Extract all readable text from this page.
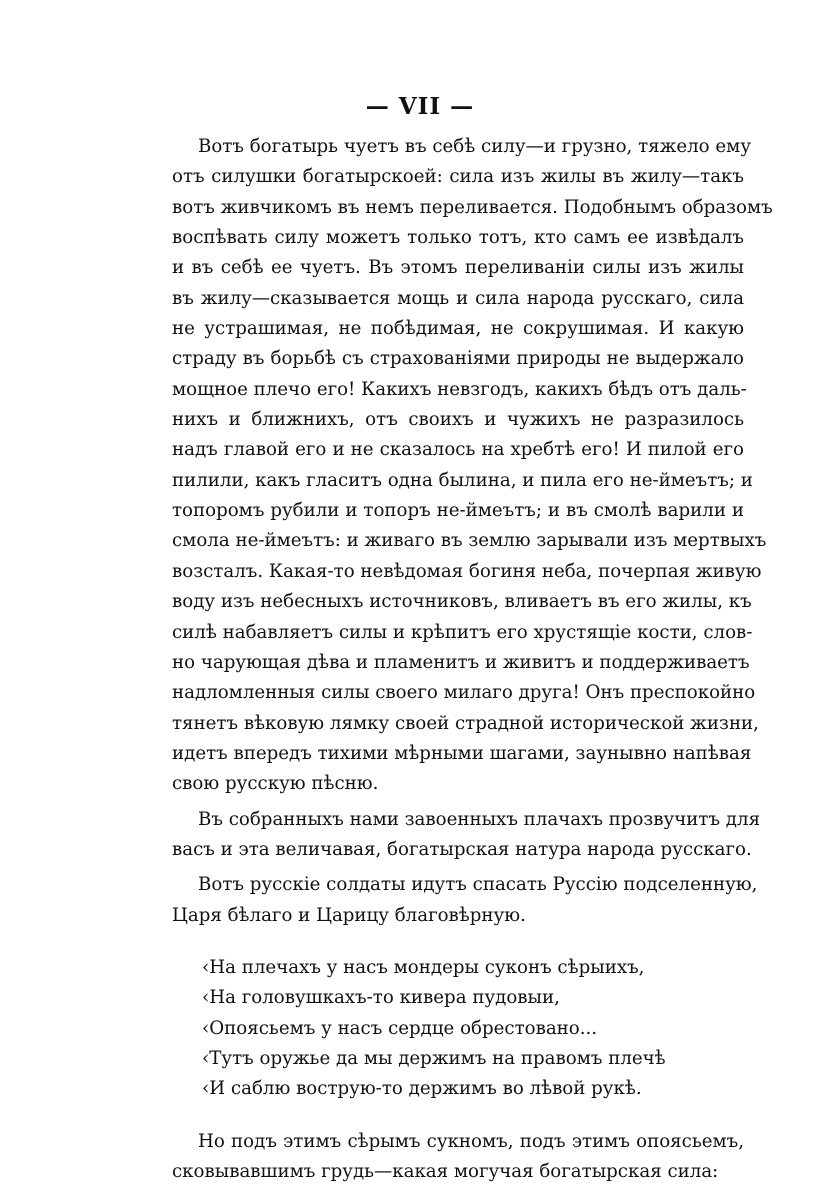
— VII —

Вотъ богатырь чуетъ въ себѣ силу—и грузно, тяжело ему
отъ силушки богатырскоей: сила изъ жилы въ жилу—такъ
вотъ живчикомъ въ немъ переливается. Подобнымъ образомъ
воспѣвать силу можетъ только тотъ, кто самъ ее извѣдалъ
и въ себѣ ее чуетъ. Въ этомъ переливаніи силы изъ жилы
въ жилу—сказывается мощь и сила народа русскаго, сила
не устрашимая, не побѣдимая, не сокрушимая. И какую
страду въ борьбѣ съ страхованіями природы не выдержало
мощное плечо его! Какихъ невзгодъ, какихъ бѣдъ отъ даль-
нихъ и ближнихъ, отъ своихъ и чужихъ не разразилось
надъ главой его и не сказалось на хребтѣ его! И пилой его
пилили, какъ гласитъ одна былина, и пила его не-ймеътъ; и
топоромъ рубили и топоръ не-ймеътъ; и въ смолѣ варили и
смола не-ймеътъ: и живаго въ землю зарывали изъ мертвыхъ
возсталъ. Какая-то невѣдомая богиня неба, почерпая живую
воду изъ небесныхъ источниковъ, вливаетъ въ его жилы, къ
силѣ набавляетъ силы и крѣпитъ его хрустящіе кости, слов-
но чарующая дѣва и пламенитъ и живитъ и поддерживаетъ
надломленныя силы своего милаго друга! Онъ преспокойно
тянетъ вѣковую лямку своей страдной исторической жизни,
идетъ впередъ тихими мѣрными шагами, заунывно напѣвая
свою русскую пѣсню.

Въ собранныхъ нами завоенныхъ плачахъ прозвучитъ для
васъ и эта величавая, богатырская натура народа русскаго.

Вотъ русскіе солдаты идутъ спасать Руссію подселенную,
Царя бѣлаго и Царицу благовѣрную.

‹На плечахъ у насъ мондеры суконъ сѣрыихъ,
‹На головушкахъ-то кивера пудовыи,
‹Опоясьемъ у насъ сердце обрестовано...
‹Тутъ оружье да мы держимъ на правомъ плечѣ
‹И саблю вострую-то держимъ во лѣвой рукѣ.

Но подъ этимъ сѣрымъ сукномъ, подъ этимъ опоясьемъ,
сковывавшимъ грудь—какая могучая богатырская сила:
